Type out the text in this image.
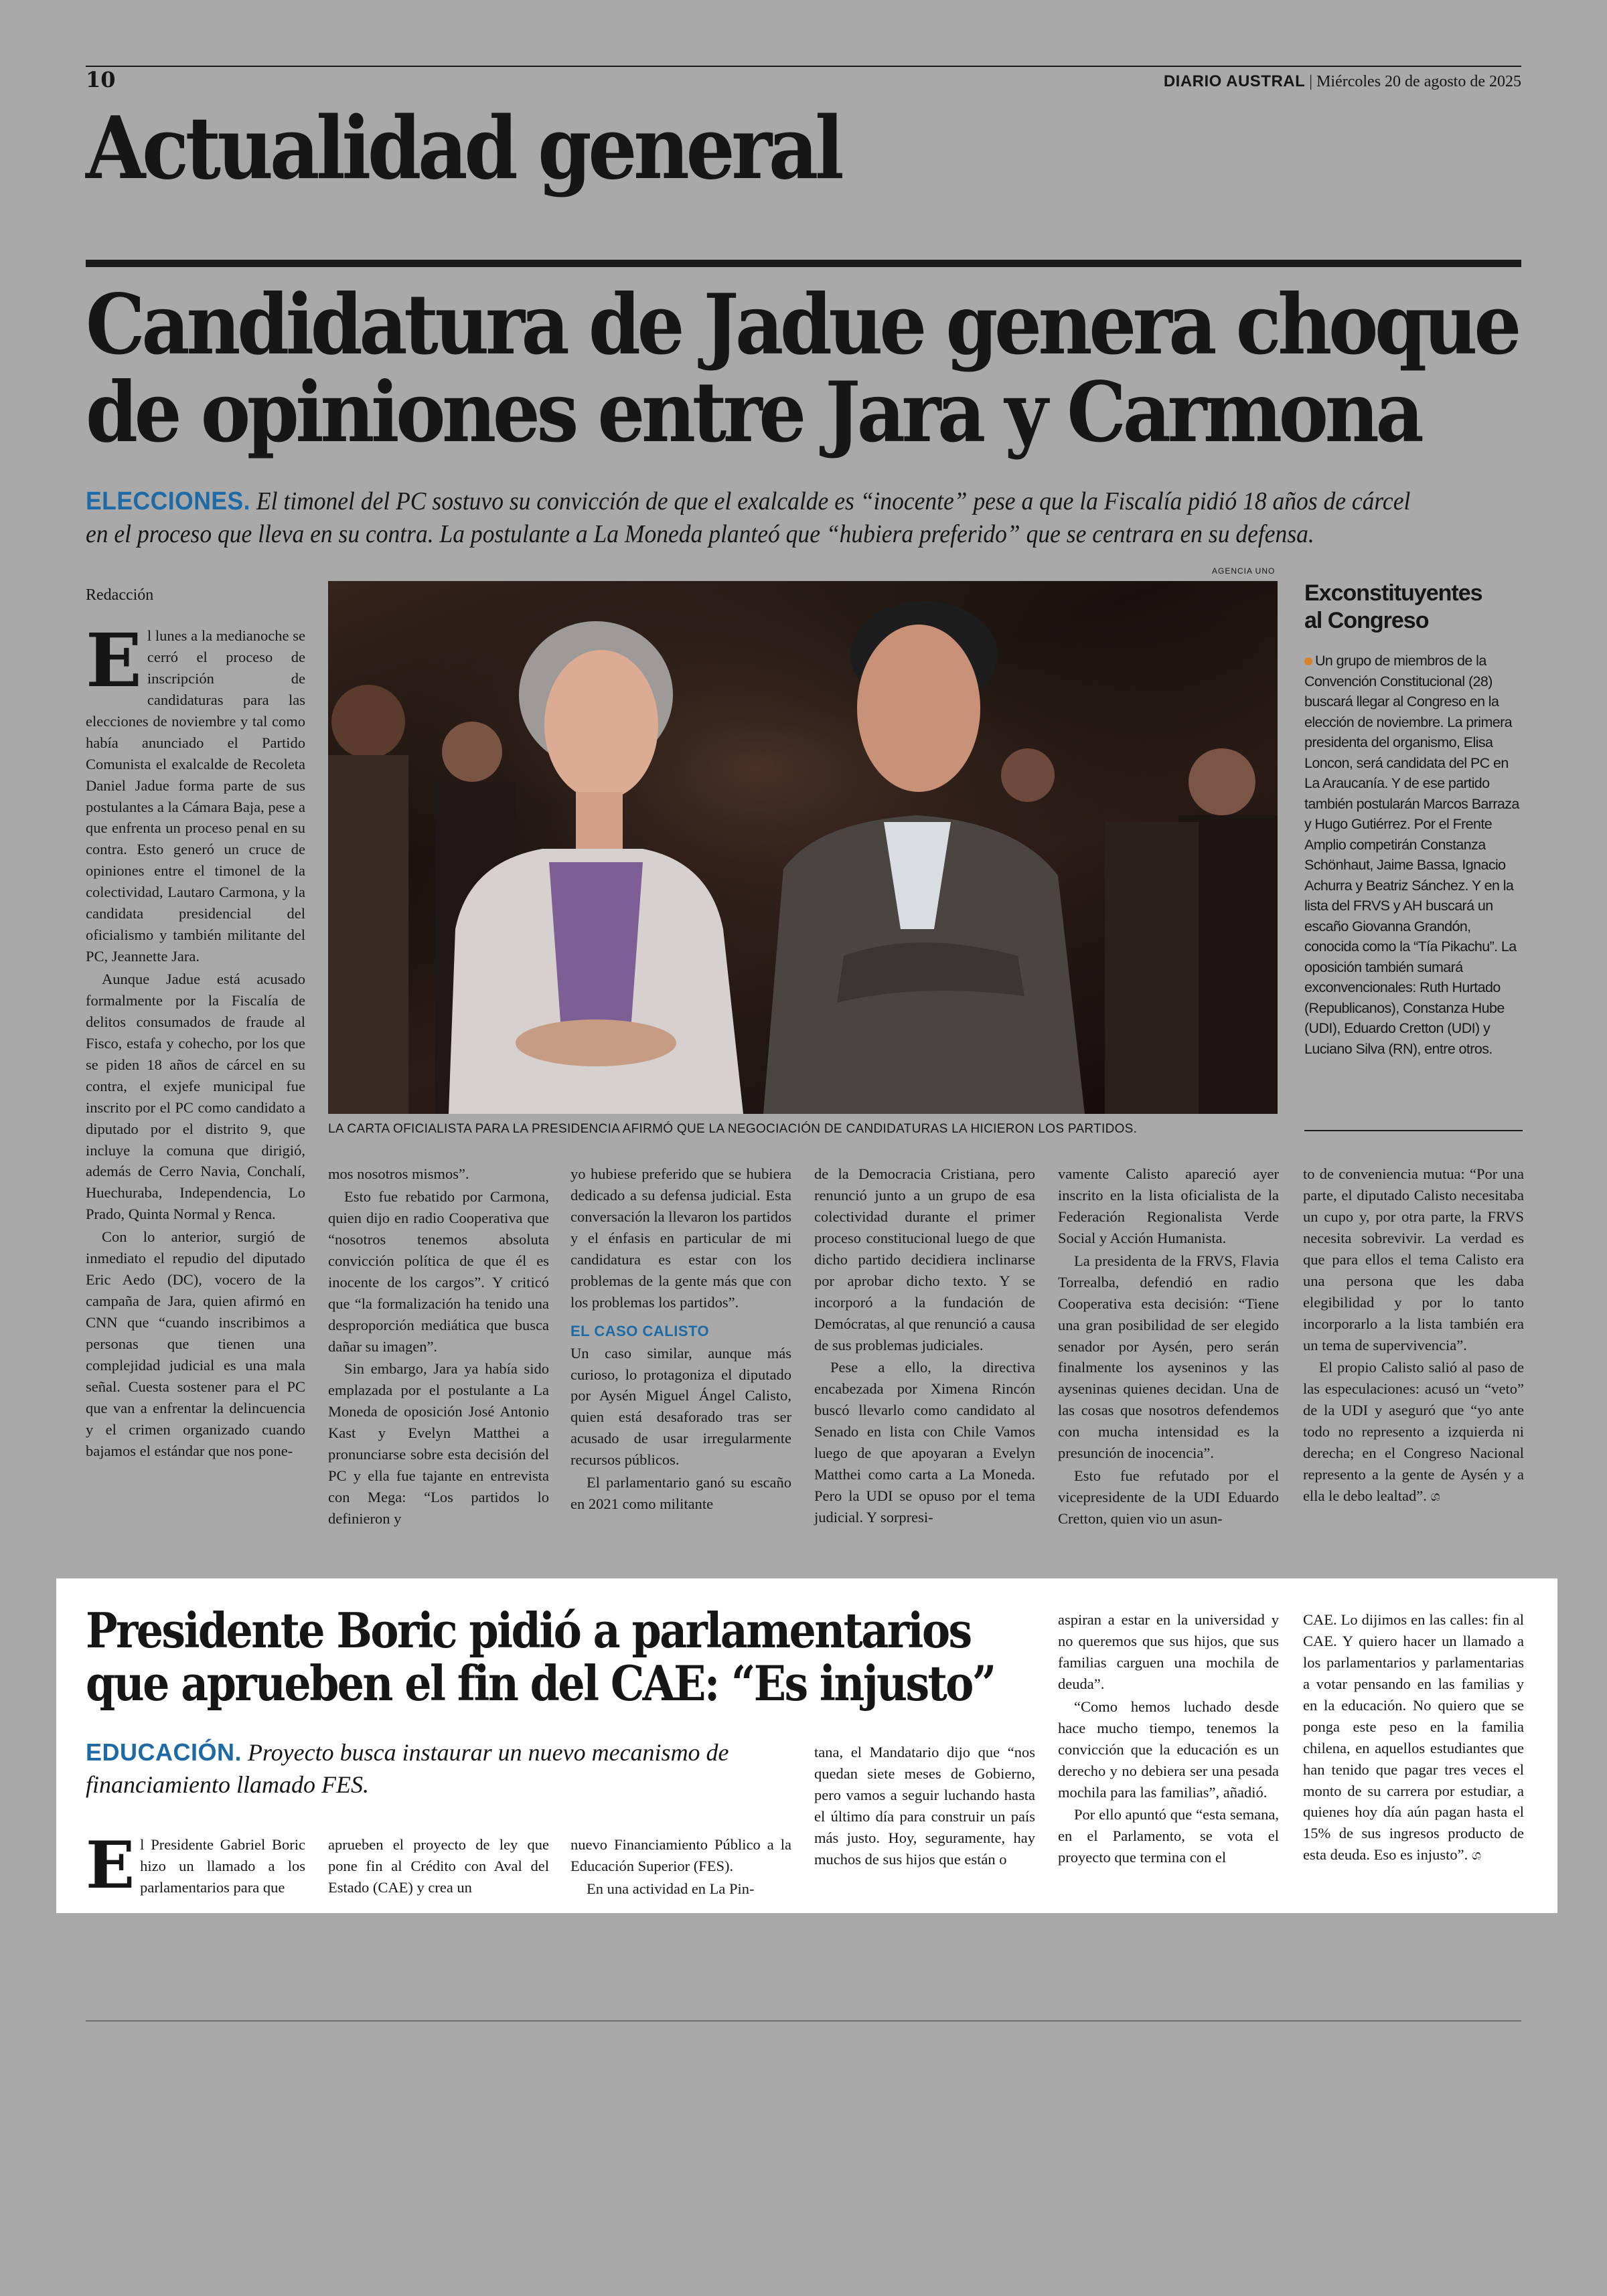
10	DIARIO AUSTRAL | Miércoles 20 de agosto de 2025
Actualidad general
Candidatura de Jadue genera choque
de opiniones entre Jara y Carmona
ELECCIONES. El timonel del PC sostuvo su convicción de que el exalcalde es “inocente” pese a que la Fiscalía pidió 18 años de cárcel en el proceso que lleva en su contra. La postulante a La Moneda planteó que “hubiera preferido” que se centrara en su defensa.
Redacción
AGENCIA UNO
LA CARTA OFICIALISTA PARA LA PRESIDENCIA AFIRMÓ QUE LA NEGOCIACIÓN DE CANDIDATURAS LA HICIERON LOS PARTIDOS.

El lunes a la medianoche se cerró el proceso de inscripción de candidaturas para las elecciones de noviembre y tal como había anunciado el Partido Comunista el exalcalde de Recoleta Daniel Jadue forma parte de sus postulantes a la Cámara Baja, pese a que enfrenta un proceso penal en su contra. Esto generó un cruce de opiniones entre el timonel de la colectividad, Lautaro Carmona, y la candidata presidencial del oficialismo y también militante del PC, Jeannette Jara.

Aunque Jadue está acusado formalmente por la Fiscalía de delitos consumados de fraude al Fisco, estafa y cohecho, por los que se piden 18 años de cárcel en su contra, el exjefe municipal fue inscrito por el PC como candidato a diputado por el distrito 9, que incluye la comuna que dirigió, además de Cerro Navia, Conchalí, Huechuraba, Independencia, Lo Prado, Quinta Normal y Renca.

Con lo anterior, surgió de inmediato el repudio del diputado Eric Aedo (DC), vocero de la campaña de Jara, quien afirmó en CNN que “cuando inscribimos a personas que tienen una complejidad judicial es una mala señal. Cuesta sostener para el PC que van a enfrentar la delincuencia y el crimen organizado cuando bajamos el estándar que nos pone-

mos nosotros mismos”.

Esto fue rebatido por Carmona, quien dijo en radio Cooperativa que “nosotros tenemos absoluta convicción política de que él es inocente de los cargos”. Y criticó que “la formalización ha tenido una desproporción mediática que busca dañar su imagen”.

Sin embargo, Jara ya había sido emplazada por el postulante a La Moneda de oposición José Antonio Kast y Evelyn Matthei a pronunciarse sobre esta decisión del PC y ella fue tajante en entrevista con Mega: “Los partidos lo definieron y

yo hubiese preferido que se hubiera dedicado a su defensa judicial. Esta conversación la llevaron los partidos y el énfasis en particular de mi candidatura es estar con los problemas de la gente más que con los problemas los partidos”.

EL CASO CALISTO

Un caso similar, aunque más curioso, lo protagoniza el diputado por Aysén Miguel Ángel Calisto, quien está desaforado tras ser acusado de usar irregularmente recursos públicos.

El parlamentario ganó su escaño en 2021 como militante

de la Democracia Cristiana, pero renunció junto a un grupo de esa colectividad durante el primer proceso constitucional luego de que dicho partido decidiera inclinarse por aprobar dicho texto. Y se incorporó a la fundación de Demócratas, al que renunció a causa de sus problemas judiciales.

Pese a ello, la directiva encabezada por Ximena Rincón buscó llevarlo como candidato al Senado en lista con Chile Vamos luego de que apoyaran a Evelyn Matthei como carta a La Moneda. Pero la UDI se opuso por el tema judicial. Y sorpresi-

vamente Calisto apareció ayer inscrito en la lista oficialista de la Federación Regionalista Verde Social y Acción Humanista.

La presidenta de la FRVS, Flavia Torrealba, defendió en radio Cooperativa esta decisión: “Tiene una gran posibilidad de ser elegido senador por Aysén, pero serán finalmente los ayseninos y las ayseninas quienes decidan. Una de las cosas que nosotros defendemos con mucha intensidad es la presunción de inocencia”.

Esto fue refutado por el vicepresidente de la UDI Eduardo Cretton, quien vio un asun-

to de conveniencia mutua: “Por una parte, el diputado Calisto necesitaba un cupo y, por otra parte, la FRVS necesita sobrevivir. La verdad es que para ellos el tema Calisto era una persona que les daba elegibilidad y por lo tanto incorporarlo a la lista también era un tema de supervivencia”.

El propio Calisto salió al paso de las especulaciones: acusó un “veto” de la UDI y aseguró que “yo ante todo no represento a izquierda ni derecha; en el Congreso Nacional represento a la gente de Aysén y a ella le debo lealtad”. ශ

Exconstituyentes
al Congreso
Un grupo de miembros de la Convención Constitucional (28) buscará llegar al Congreso en la elección de noviembre. La primera presidenta del organismo, Elisa Loncon, será candidata del PC en La Araucanía. Y de ese partido también postularán Marcos Barraza y Hugo Gutiérrez. Por el Frente Amplio competirán Constanza Schönhaut, Jaime Bassa, Ignacio Achurra y Beatriz Sánchez. Y en la lista del FRVS y AH buscará un escaño Giovanna Grandón, conocida como la “Tía Pikachu”. La oposición también sumará exconvencionales: Ruth Hurtado (Republicanos), Constanza Hube (UDI), Eduardo Cretton (UDI) y Luciano Silva (RN), entre otros.
Presidente Boric pidió a parlamentarios
que aprueben el fin del CAE: “Es injusto”
EDUCACIÓN. Proyecto busca instaurar un nuevo mecanismo de financiamiento llamado FES.

El Presidente Gabriel Boric hizo un llamado a los parlamentarios para que

aprueben el proyecto de ley que pone fin al Crédito con Aval del Estado (CAE) y crea un

nuevo Financiamiento Público a la Educación Superior (FES).

En una actividad en La Pin-

tana, el Mandatario dijo que “nos quedan siete meses de Gobierno, pero vamos a seguir luchando hasta el último día para construir un país más justo. Hoy, seguramente, hay muchos de sus hijos que están o

aspiran a estar en la universidad y no queremos que sus hijos, que sus familias carguen una mochila de deuda”.

“Como hemos luchado desde hace mucho tiempo, tenemos la convicción que la educación es un derecho y no debiera ser una pesada mochila para las familias”, añadió.

Por ello apuntó que “esta semana, en el Parlamento, se vota el proyecto que termina con el

CAE. Lo dijimos en las calles: fin al CAE. Y quiero hacer un llamado a los parlamentarios y parlamentarias a votar pensando en las familias y en la educación. No quiero que se ponga este peso en la familia chilena, en aquellos estudiantes que han tenido que pagar tres veces el monto de su carrera por estudiar, a quienes hoy día aún pagan hasta el 15% de sus ingresos producto de esta deuda. Eso es injusto”. ශ
